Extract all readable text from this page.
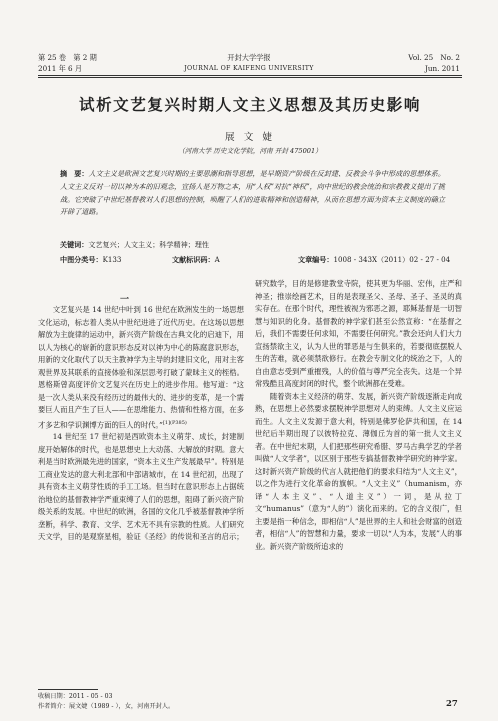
第 25 卷　第 2 期
2011 年 6 月
开封大学学报
JOURNAL OF KAIFENG UNIVERSITY
Vol. 25　No. 2
Jun. 2011
试析文艺复兴时期人文主义思想及其历史影响
展 文 婕
（河南大学 历史文化学院，河南 开封 475001）
摘　要：人文主义是欧洲文艺复兴时期的主要思潮和指导思想，是早期资产阶级在反封建、反教会斗争中形成的思想体系。人文主义反对一切以神为本的旧观念，宣扬人是万物之本，用“人权”对抗“神权”，向中世纪的教会统治和宗教教义提出了挑战。它突破了中世纪基督教对人们思想的控制，唤醒了人们的进取精神和创造精神，从而在思想方面为资本主义制度的确立开辟了道路。
关键词：文艺复兴；人文主义；科学精神；理性
中图分类号：K133	文献标识码：A	文章编号：1008 - 343X（2011）02 - 27 - 04
一

文艺复兴是 14 世纪中叶到 16 世纪在欧洲发生的一场思想文化运动，标志着人类从中世纪进进了近代历史。在这场以思想解放为主旋律的运动中，新兴资产阶级在古典文化的启迪下，用以人为核心的崭新的意识形态反对以神为中心的陈腐意识形态，用新的文化取代了以天主教神学为主导的封建旧文化，用对主客观世界及其联系的直接体验和深层思考打破了蒙昧主义的桎梏。恩格斯曾高度评价文艺复兴在历史上的进步作用。他写道：“这是一次人类从来没有经历过的最伟大的、进步的变革，是一个需要巨人而且产生了巨人——在思维能力、热情和性格方面，在多才多艺和学识渊博方面的巨人的时代。”$^{[1](P385)}$

14 世纪至 17 世纪初是西欧资本主义萌芽、成长，封建制度开始解体的时代，也是思想史上大动荡、大解放的时期。意大利是当时欧洲最先进的国家，“资本主义生产发展最早”。特别是工商业发达的意大利北部和中部诸城市，在 14 世纪初，出现了具有资本主义萌芽性质的手工工场。但当时在意识形态上占据统治地位的基督教神学严重束缚了人们的思想，阻碍了新兴资产阶级关系的发展。中世纪的欧洲，各国的文化几乎被基督教神学所垄断，科学、教育、文学、艺术无不具有宗教的性质。人们研究天文学，目的是观察星相，验证《圣经》的传说和圣言的启示；

研究数学，目的是修建教堂寺院，使其更为华丽、宏伟，庄严和神圣；推崇绘画艺术，目的是表现圣父、圣母、圣子、圣灵的真实存在。在那个时代，理性被视为邪恶之源，耶稣基督是一切智慧与知识的化身。基督教的神学家们甚至公然宣称：“在基督之后，我们不需要任何求知，不需要任何研究。”教会还向人们大力宣扬禁欲主义，认为人世的罪恶是与生俱来的，若要彻底摆脱人生的苦难，就必须禁欲修行。在教会专制文化的统治之下，人的自由意志受到严重摧残，人的价值与尊严完全丧失。这是一个异常残酷且高度封闭的时代，整个欧洲都在受难。

随着资本主义经济的萌芽、发展，新兴资产阶级逐渐走向成熟，在思想上必然要求摆脱神学思想对人的束缚。人文主义应运而生。人文主义发源于意大利，特别是佛罗伦萨共和国，在 14 世纪后半期出现了以彼特拉克、薄伽丘为首的第一批人文主义者。在中世纪末期，人们把那些研究希腊、罗马古典学艺的学者叫做“人文学者”，以区别于那些专搞基督教神学研究的神学家。这时新兴资产阶级的代言人就把他们的要求归结为“人文主义”，以之作为进行文化革命的旗帜。“人文主义”（humanism，亦译“人本主义”、“人道主义”）一词，是从拉丁文“humanus”（意为“人的”）演化而来的。它的含义很广，但主要是指一种信念，即相信“人”是世界的主人和社会财富的创造者，相信“人”的智慧和力量，要求一切以“人为本，发展”人的事业。新兴资产阶级所追求的

收稿日期：2011 - 05 - 03
作者简介：展文婕（1989 - ），女，河南开封人。	27
